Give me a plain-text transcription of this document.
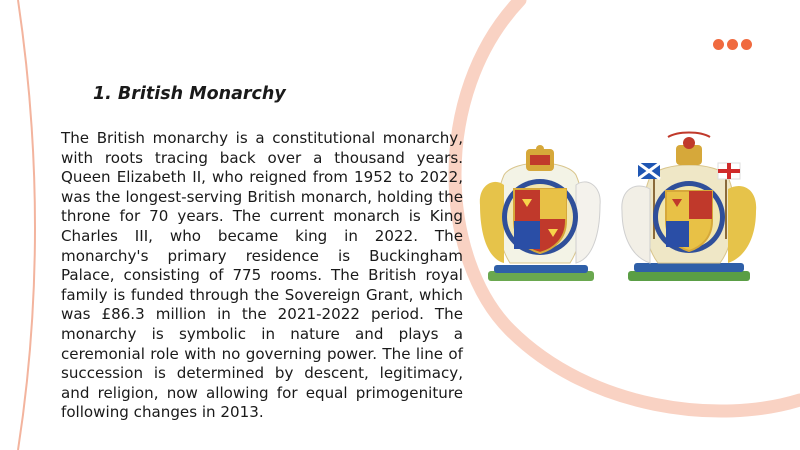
1. British Monarchy
The British monarchy is a constitutional monarchy, with roots tracing back over a thousand years. Queen Elizabeth II, who reigned from 1952 to 2022, was the longest-serving British monarch, holding the throne for 70 years. The current monarch is King Charles III, who became king in 2022. The monarchy's primary residence is Buckingham Palace, consisting of 775 rooms. The British royal family is funded through the Sovereign Grant, which was £86.3 million in the 2021-2022 period. The monarchy is symbolic in nature and plays a ceremonial role with no governing power. The line of succession is determined by descent, legitimacy, and religion, now allowing for equal primogeniture following changes in 2013.
